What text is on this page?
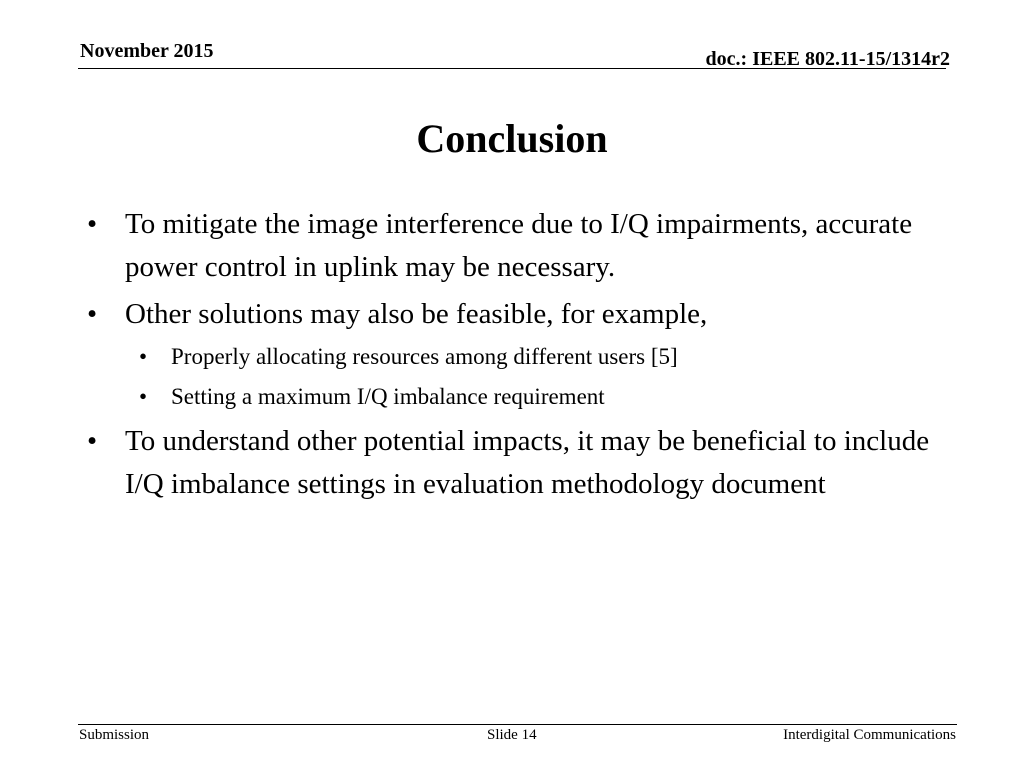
November 2015	doc.: IEEE 802.11-15/1314r2
Conclusion
• To mitigate the image interference due to I/Q impairments, accurate power control in uplink may be necessary.
• Other solutions may also be feasible, for example,
• Properly allocating resources among different users [5]
• Setting a maximum I/Q imbalance requirement
• To understand other potential impacts, it may be beneficial to include I/Q imbalance settings in evaluation methodology document
Submission	Slide 14	Interdigital Communications
